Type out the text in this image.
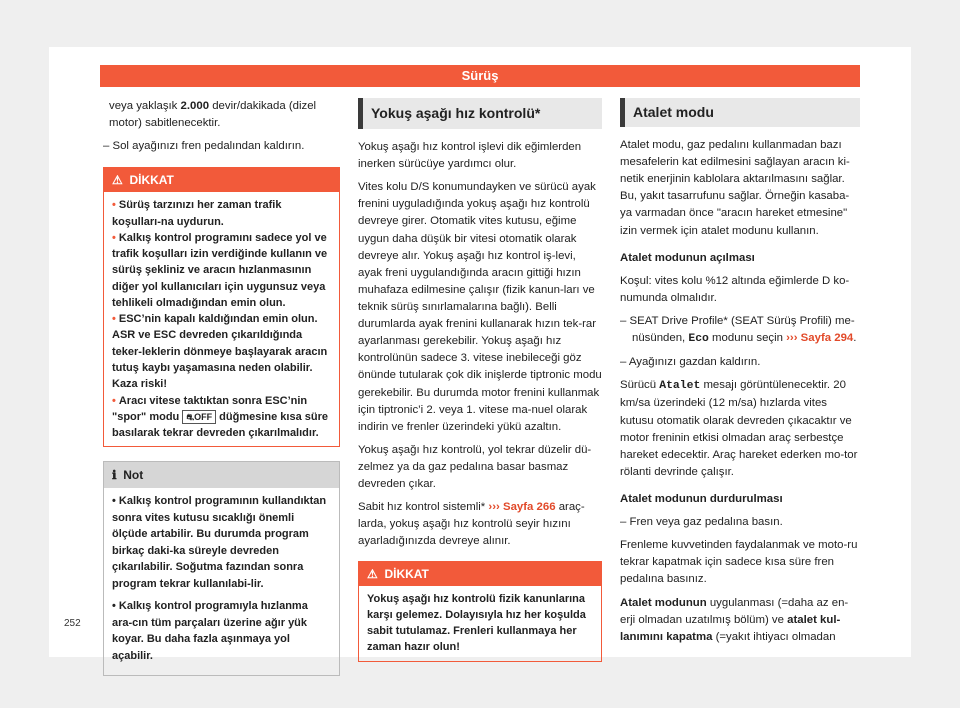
Sürüş

veya yaklaşık 2.000 devir/dakikada (dizel motor) sabitlenecektir.

– Sol ayağınızı fren pedalından kaldırın.

⚠ DİKKAT

• Sürüş tarzınızı her zaman trafik koşulları-na uydurun.

• Kalkış kontrol programını sadece yol ve trafik koşulları izin verdiğinde kullanın ve sürüş şekliniz ve aracın hızlanmasının diğer yol kullanıcıları için uygunsuz veya tehlikeli olmadığından emin olun.

• ESC’nin kapalı kaldığından emin olun. ASR ve ESC devreden çıkarıldığında teker-leklerin dönmeye başlayarak aracın tutuş kaybı yaşamasına neden olabilir. Kaza riski!

• Aracı vitese taktıktan sonra ESC’nin "spor" modu ⛐OFF düğmesine kısa süre basılarak tekrar devreden çıkarılmalıdır.

ℹ Not

• Kalkış kontrol programının kullandıktan sonra vites kutusu sıcaklığı önemli ölçüde artabilir. Bu durumda program birkaç daki-ka süreyle devreden çıkarılabilir. Soğutma fazından sonra program tekrar kullanılabi-lir.

• Kalkış kontrol programıyla hızlanma ara-cın tüm parçaları üzerine ağır yük koyar. Bu daha fazla aşınmaya yol açabilir.

Yokuş aşağı hız kontrolü*

Yokuş aşağı hız kontrol işlevi dik eğimlerden inerken sürücüye yardımcı olur.

Vites kolu D/S konumundayken ve sürücü ayak frenini uyguladığında yokuş aşağı hız kontrolü devreye girer. Otomatik vites kutusu, eğime uygun daha düşük bir vitesi otomatik olarak devreye alır. Yokuş aşağı hız kontrol iş-levi, ayak freni uygulandığında aracın gittiği hızın muhafaza edilmesine çalışır (fizik kanun-ları ve teknik sürüş sınırlamalarına bağlı). Belli durumlarda ayak frenini kullanarak hızın tek-rar ayarlanması gerekebilir. Yokuş aşağı hız kontrolünün sadece 3. vitese inebileceği göz önünde tutularak çok dik inişlerde tiptronic modu gerekebilir. Bu durumda motor frenini kullanmak için tiptronic’i 2. veya 1. vitese ma-nuel olarak indirin ve frenler üzerindeki yükü azaltın.

Yokuş aşağı hız kontrolü, yol tekrar düzelir dü-zelmez ya da gaz pedalına basar basmaz devreden çıkar.

Sabit hız kontrol sistemli* ››› Sayfa 266 araç-larda, yokuş aşağı hız kontrolü seyir hızını ayarladığınızda devreye alınır.

⚠ DİKKAT

Yokuş aşağı hız kontrolü fizik kanunlarına karşı gelemez. Dolayısıyla hız her koşulda sabit tutulamaz. Frenleri kullanmaya her zaman hazır olun!

Atalet modu

Atalet modu, gaz pedalını kullanmadan bazı mesafelerin kat edilmesini sağlayan aracın ki-netik enerjinin kablolara aktarılmasını sağlar. Bu, yakıt tasarrufunu sağlar. Örneğin kasaba-ya varmadan önce "aracın hareket etmesine" izin vermek için atalet modunu kullanın.

Atalet modunun açılması

Koşul: vites kolu %12 altında eğimlerde D ko-numunda olmalıdır.

– SEAT Drive Profile* (SEAT Sürüş Profili) me-nüsünden, Eco modunu seçin ››› Sayfa 294.

– Ayağınızı gazdan kaldırın.

Sürücü Atalet mesajı görüntülenecektir. 20 km/sa üzerindeki (12 m/sa) hızlarda vites kutusu otomatik olarak devreden çıkacaktır ve motor freninin etkisi olmadan araç serbestçe hareket edecektir. Araç hareket ederken mo-tor rölanti devrinde çalışır.

Atalet modunun durdurulması

– Fren veya gaz pedalına basın.

Frenleme kuvvetinden faydalanmak ve moto-ru tekrar kapatmak için sadece kısa süre fren pedalına basınız.

Atalet modunun uygulanması (=daha az en-erji olmadan uzatılmış bölüm) ve atalet kul-lanımını kapatma (=yakıt ihtiyacı olmadan

252
